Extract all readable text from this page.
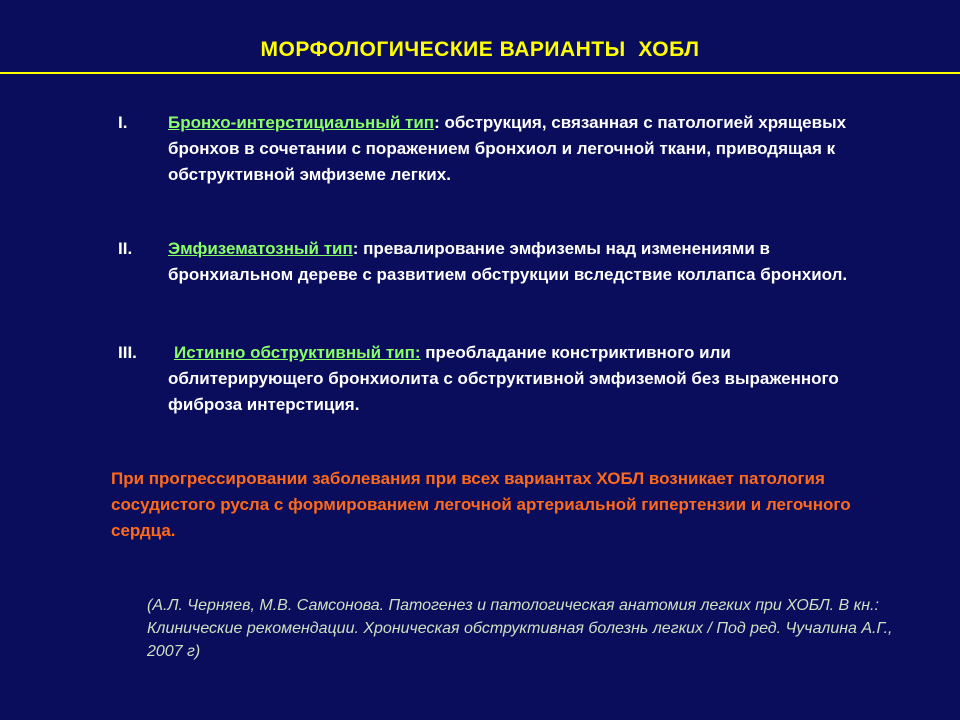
МОРФОЛОГИЧЕСКИЕ ВАРИАНТЫ  ХОБЛ
I. Бронхо-интерстициальный тип: обструкция, связанная с патологией хрящевых бронхов в сочетании с поражением бронхиол и легочной ткани, приводящая к обструктивной эмфиземе легких.
II. Эмфизематозный тип: превалирование эмфиземы над изменениями в бронхиальном дереве с развитием обструкции вследствие коллапса бронхиол.
III.	Истинно обструктивный тип: преобладание констриктивного или облитерирующего бронхиолита с обструктивной эмфиземой без выраженного фиброза интерстиция.
При прогрессировании заболевания при всех вариантах ХОБЛ возникает патология сосудистого русла с формированием легочной артериальной гипертензии и легочного сердца.
(А.Л. Черняев, М.В. Самсонова. Патогенез и патологическая анатомия легких при ХОБЛ. В кн.: Клинические рекомендации. Хроническая обструктивная болезнь легких / Под ред. Чучалина А.Г., 2007 г)
